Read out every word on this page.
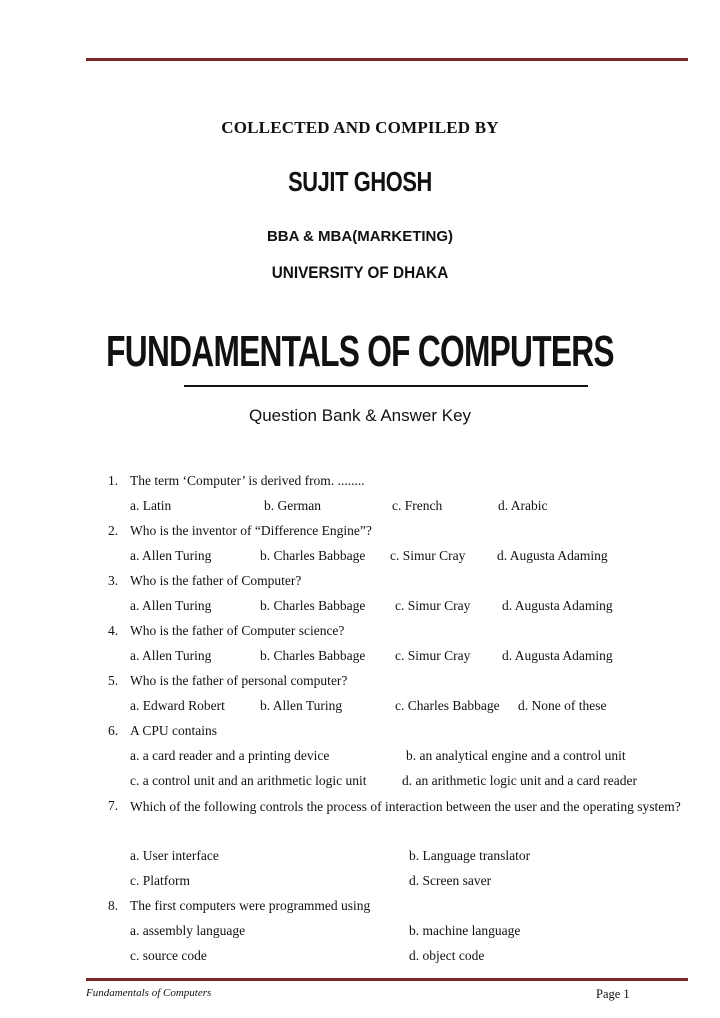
COLLECTED AND COMPILED BY
SUJIT GHOSH
BBA & MBA(MARKETING)
UNIVERSITY OF DHAKA
FUNDAMENTALS OF COMPUTERS
Question Bank & Answer Key
1. The term ‘Computer’ is derived from. ........
a. Latin	b. German	c. French	d. Arabic
2. Who is the inventor of “Difference Engine”?
a. Allen Turing	b. Charles Babbage c. Simur Cray d. Augusta Adaming
3. Who is the father of Computer?
a. Allen Turing	b. Charles Babbage c. Simur Cray d. Augusta Adaming
4. Who is the father of Computer science?
a. Allen Turing	b. Charles Babbage c. Simur Cray d. Augusta Adaming
5. Who is the father of personal computer?
a. Edward Robert	b. Allen Turing	c. Charles Babbage d. None of these
6. A CPU contains
a. a card reader and a printing device	b. an analytical engine and a control unit
c. a control unit and an arithmetic logic unit	d. an arithmetic logic unit and a card reader
7. Which of the following controls the process of interaction between the user and the operating system?
a. User interface	b. Language translator
c. Platform	d. Screen saver
8. The first computers were programmed using
a. assembly language	b. machine language
c. source code	d. object code
Fundamentals of Computers	Page 1
